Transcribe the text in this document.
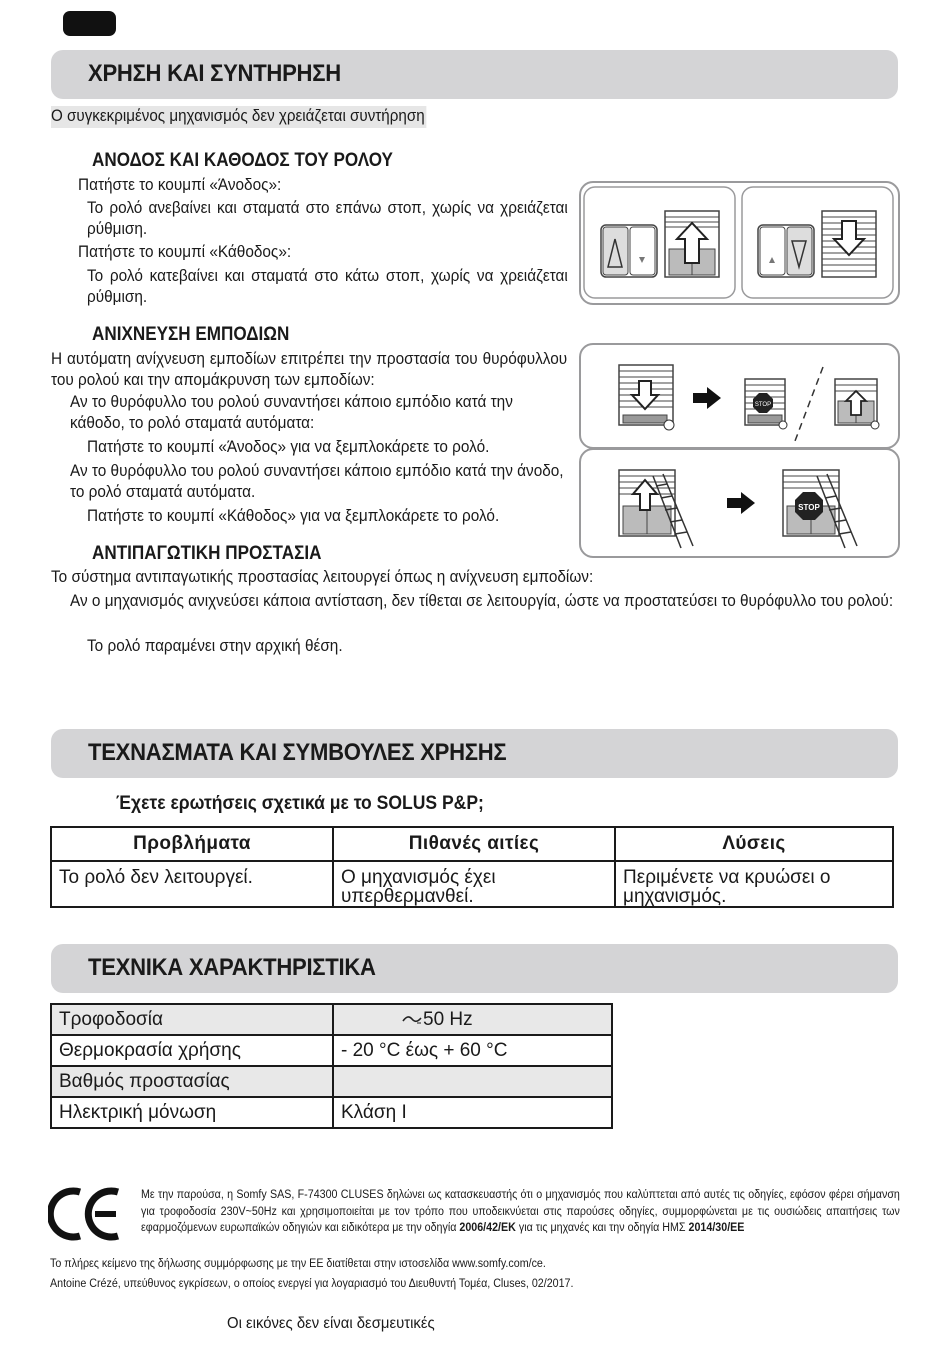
ΧΡΗΣΗ ΚΑΙ ΣΥΝΤΗΡΗΣΗ
Ο συγκεκριμένος μηχανισμός δεν χρειάζεται συντήρηση
ΑΝΟΔΟΣ ΚΑΙ ΚΑΘΟΔΟΣ ΤΟΥ ΡΟΛΟΥ
Πατήστε το κουμπί «Άνοδος»:
Το ρολό ανεβαίνει και σταματά στο επάνω στοπ, χωρίς να χρειάζεται ρύθμιση.
Πατήστε το κουμπί «Κάθοδος»:
Το ρολό κατεβαίνει και σταματά στο κάτω στοπ, χωρίς να χρειάζεται ρύθμιση.
ΑΝΙΧΝΕΥΣΗ ΕΜΠΟΔΙΩΝ
Η αυτόματη ανίχνευση εμποδίων επιτρέπει την προστασία του θυρόφυλλου του ρολού και την απομάκρυνση των εμποδίων:
Αν το θυρόφυλλο του ρολού συναντήσει κάποιο εμπόδιο κατά την κάθοδο, το ρολό σταματά αυτόματα:
Πατήστε το κουμπί «Άνοδος» για να ξεμπλοκάρετε το ρολό.
Αν το θυρόφυλλο του ρολού συναντήσει κάποιο εμπόδιο κατά την άνοδο, το ρολό σταματά αυτόματα.
Πατήστε το κουμπί «Κάθοδος» για να ξεμπλοκάρετε το ρολό.
STOP
STOP
ΑΝΤΙΠΑΓΩΤΙΚΗ ΠΡΟΣΤΑΣΙΑ
Το σύστημα αντιπαγωτικής προστασίας λειτουργεί όπως η ανίχνευση εμποδίων:
Αν ο μηχανισμός ανιχνεύσει κάποια αντίσταση, δεν τίθεται σε λειτουργία, ώστε να προστατεύσει το θυρόφυλλο του ρολού:
Το ρολό παραμένει στην αρχική θέση.
ΤΕΧΝΑΣΜΑΤΑ ΚΑΙ ΣΥΜΒΟΥΛΕΣ ΧΡΗΣΗΣ
Έχετε ερωτήσεις σχετικά με το SOLUS P&P;
Προβλήματα	Πιθανές αιτίες	Λύσεις
Το ρολό δεν λειτουργεί.	Ο μηχανισμός έχει υπερθερμανθεί.	Περιμένετε να κρυώσει ο μηχανισμός.
ΤΕΧΝΙΚΑ ΧΑΡΑΚΤΗΡΙΣΤΙΚΑ
Τροφοδοσία	50 Hz
Θερμοκρασία χρήσης	- 20 °C έως + 60 °C
Βαθμός προστασίας	
Ηλεκτρική μόνωση	Κλάση I
Με την παρούσα, η Somfy SAS, F-74300 CLUSES δηλώνει ως κατασκευαστής ότι ο μηχανισμός που καλύπτεται από αυτές τις οδηγίες, εφόσον φέρει σήμανση για τροφοδοσία 230V~50Hz και χρησιμοποιείται με τον τρόπο που υποδεικνύεται στις παρούσες οδηγίες, συμμορφώνεται με τις ουσιώδεις απαιτήσεις των εφαρμοζόμενων ευρωπαϊκών οδηγιών και ειδικότερα με την οδηγία 2006/42/ΕΚ για τις μηχανές και την οδηγία ΗΜΣ 2014/30/ΕΕ
Το πλήρες κείμενο της δήλωσης συμμόρφωσης με την ΕΕ διατίθεται στην ιστοσελίδα www.somfy.com/ce.
Antoine Crézé, υπεύθυνος εγκρίσεων, ο οποίος ενεργεί για λογαριασμό του Διευθυντή Τομέα, Cluses, 02/2017.
Οι εικόνες δεν είναι δεσμευτικές
